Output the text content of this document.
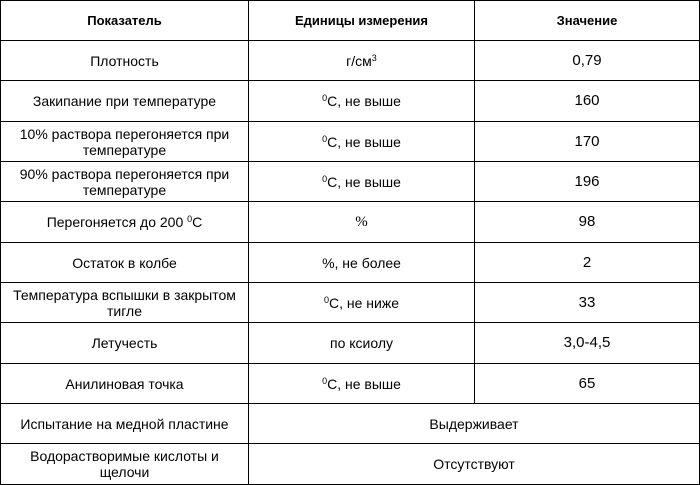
Показатель	Единицы измерения	Значение
Плотность	$г/см^3$	0,79
Закипание при температуре	$^0$С, не выше	160
10% раствора перегоняется при температуре	$^0$С, не выше	170
90% раствора перегоняется при температуре	$^0$С, не выше	196
Перегоняется до 200 $^0$С	%	98
Остаток в колбе	%, не более	2
Температура вспышки в закрытом тигле	$^0$С, не ниже	33
Летучесть	по ксиолу	3,0-4,5
Анилиновая точка	$^0$С, не выше	65
Испытание на медной пластине	Выдерживает	
Водорастворимые кислоты и щелочи	Отсутствуют	
